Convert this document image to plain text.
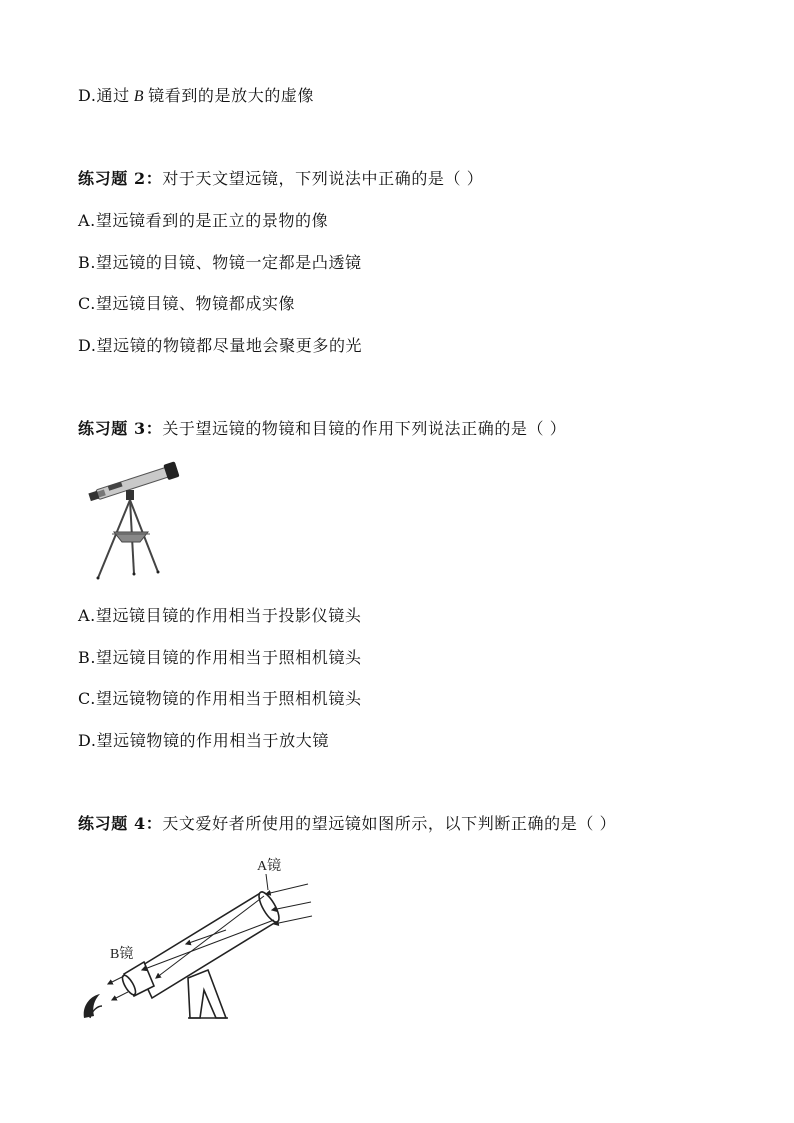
D.通过 B 镜看到的是放大的虚像
练习题 2：对于天文望远镜，下列说法中正确的是（ ）
A.望远镜看到的是正立的景物的像
B.望远镜的目镜、物镜一定都是凸透镜
C.望远镜目镜、物镜都成实像
D.望远镜的物镜都尽量地会聚更多的光
练习题 3：关于望远镜的物镜和目镜的作用下列说法正确的是（ ）
A.望远镜目镜的作用相当于投影仪镜头
B.望远镜目镜的作用相当于照相机镜头
C.望远镜物镜的作用相当于照相机镜头
D.望远镜物镜的作用相当于放大镜
练习题 4：天文爱好者所使用的望远镜如图所示，以下判断正确的是（ ）
A镜
B镜
